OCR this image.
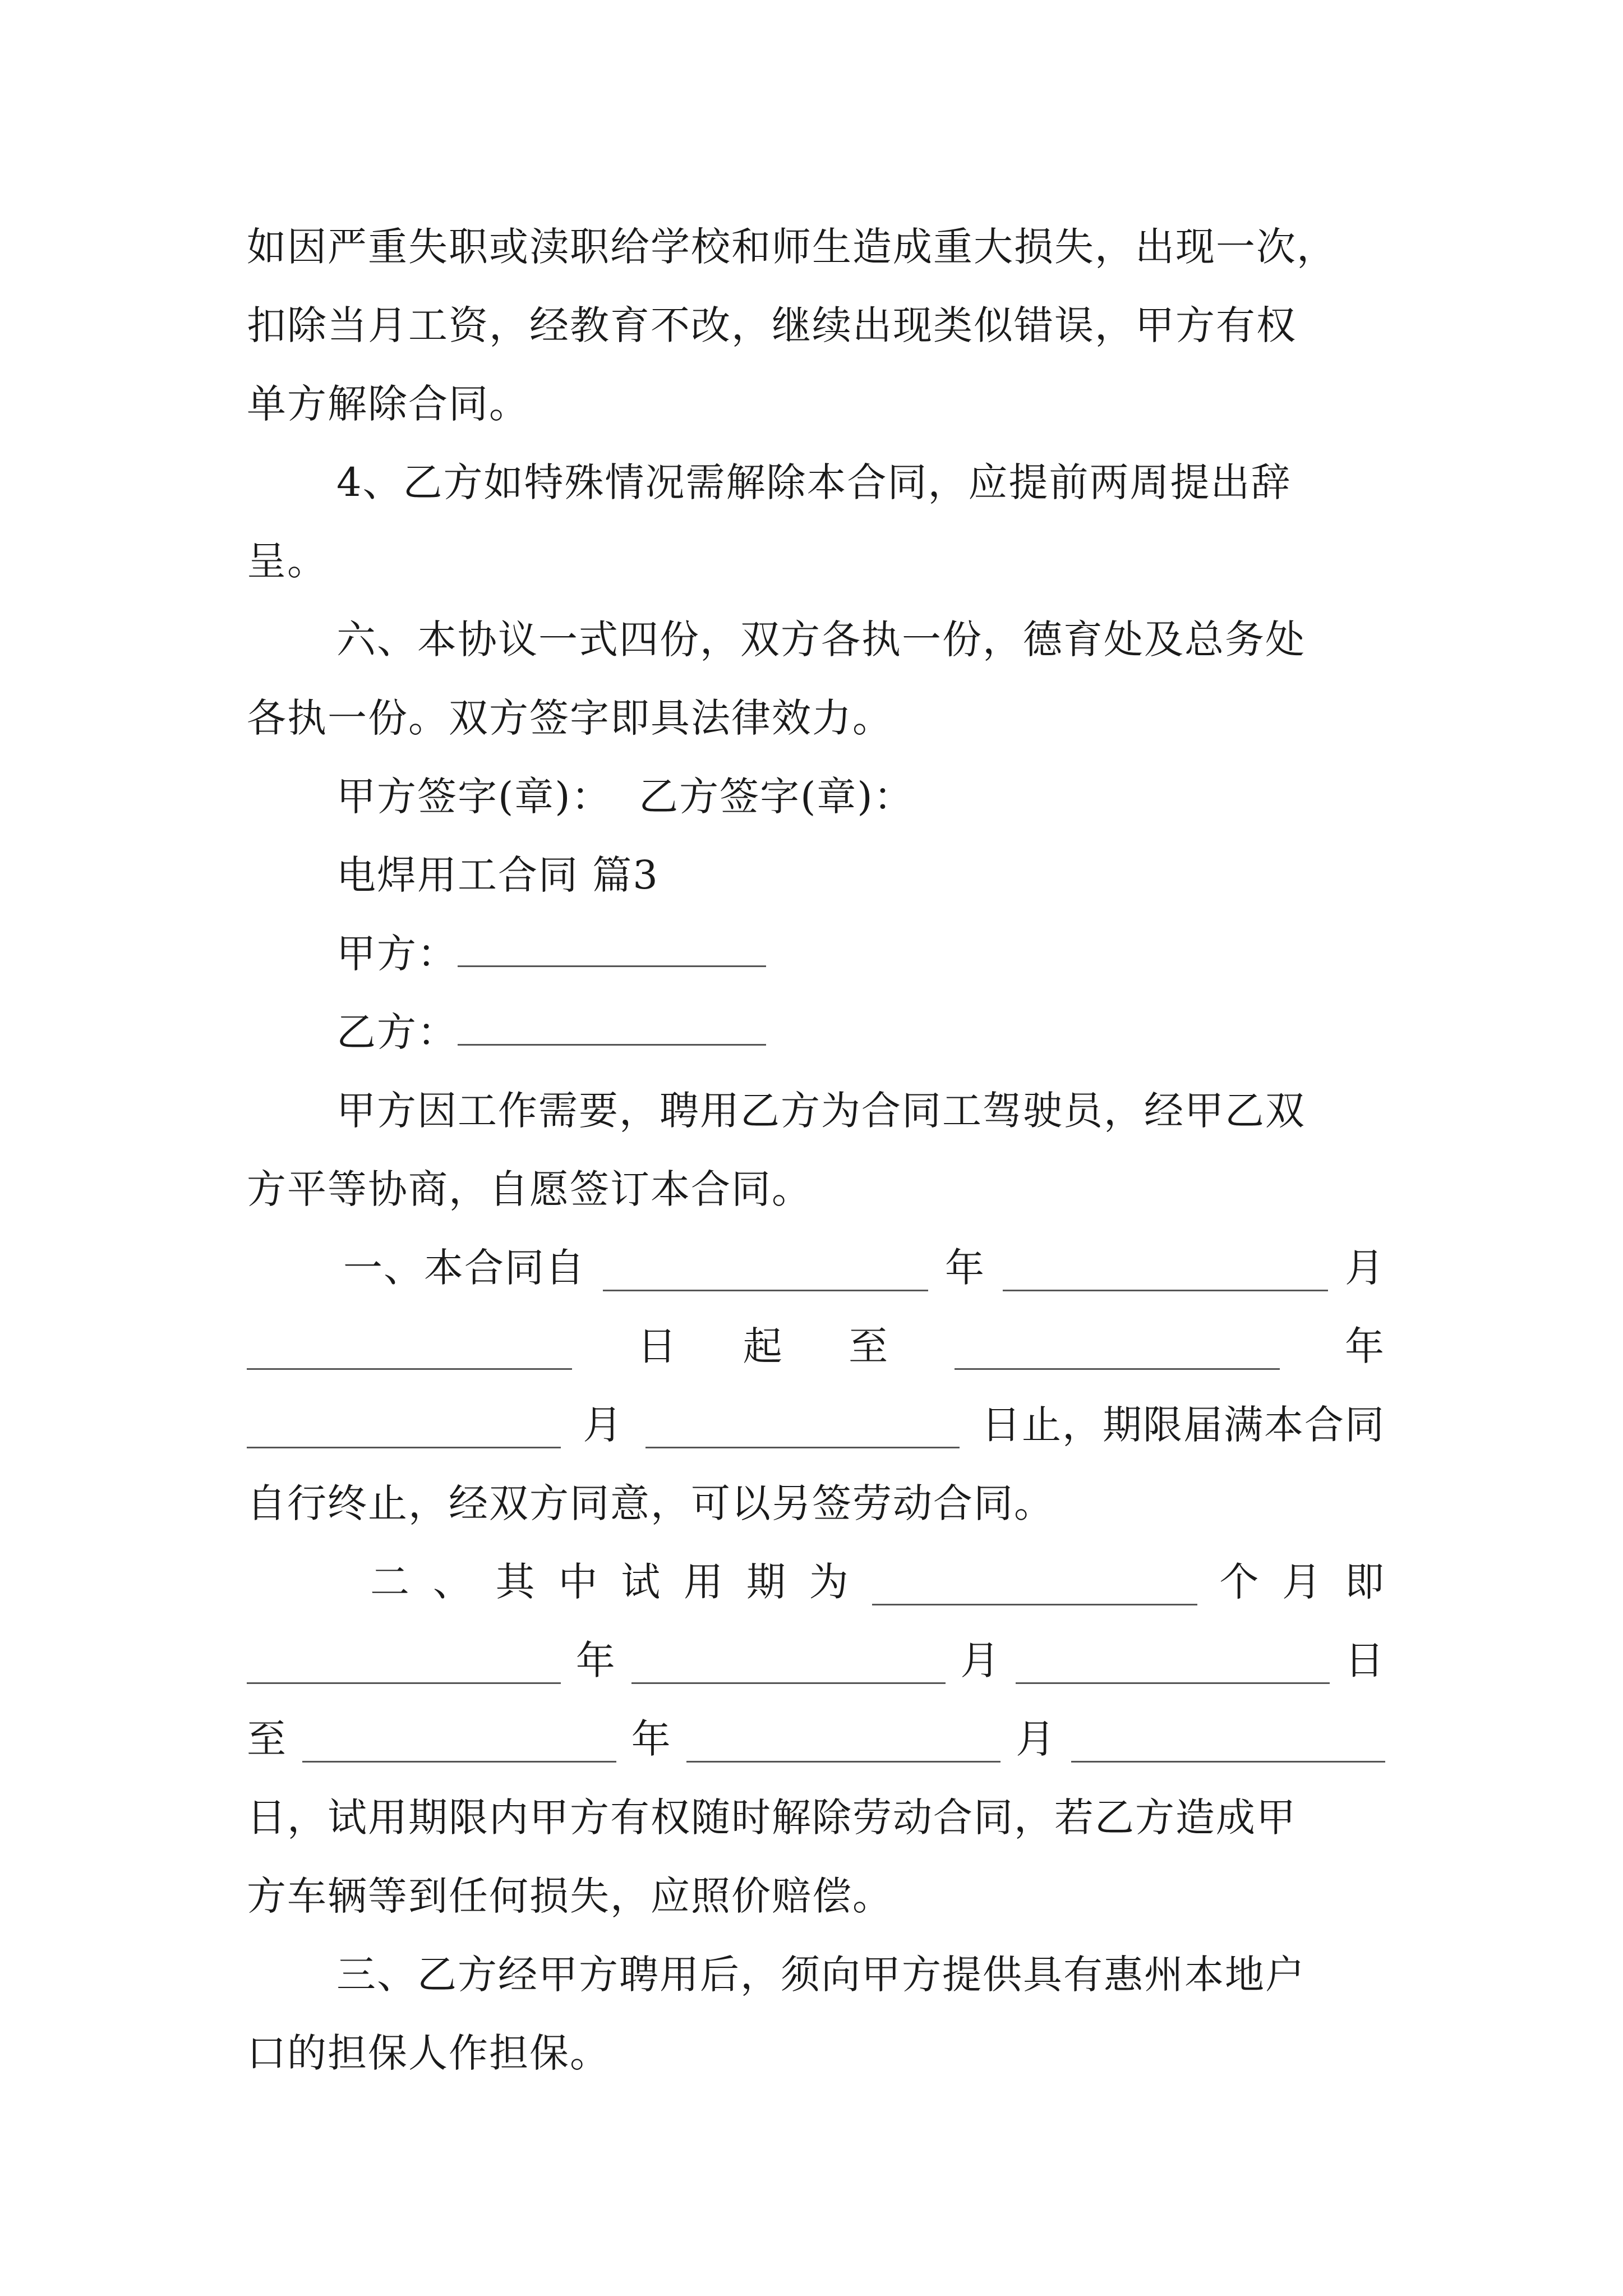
如因严重失职或渎职给学校和师生造成重大损失，出现一次，
扣除当月工资，经教育不改，继续出现类似错误，甲方有权
单方解除合同。
4、乙方如特殊情况需解除本合同，应提前两周提出辞
呈。
六、本协议一式四份，双方各执一份，德育处及总务处
各执一份。双方签字即具法律效力。
甲方签字(章)：  乙方签字(章)：
电焊用工合同 篇3
甲方：
乙方：
甲方因工作需要，聘用乙方为合同工驾驶员，经甲乙双
方平等协商，自愿签订本合同。
一、本合同自	年	月
日 起 至	年
月	日止，期限届满本合同
自行终止，经双方同意，可以另签劳动合同。
二 、 其 中 试 用 期 为	个 月 即
年	月	日
至	年	月
日，试用期限内甲方有权随时解除劳动合同，若乙方造成甲
方车辆等到任何损失，应照价赔偿。
三、乙方经甲方聘用后，须向甲方提供具有惠州本地户
口的担保人作担保。
